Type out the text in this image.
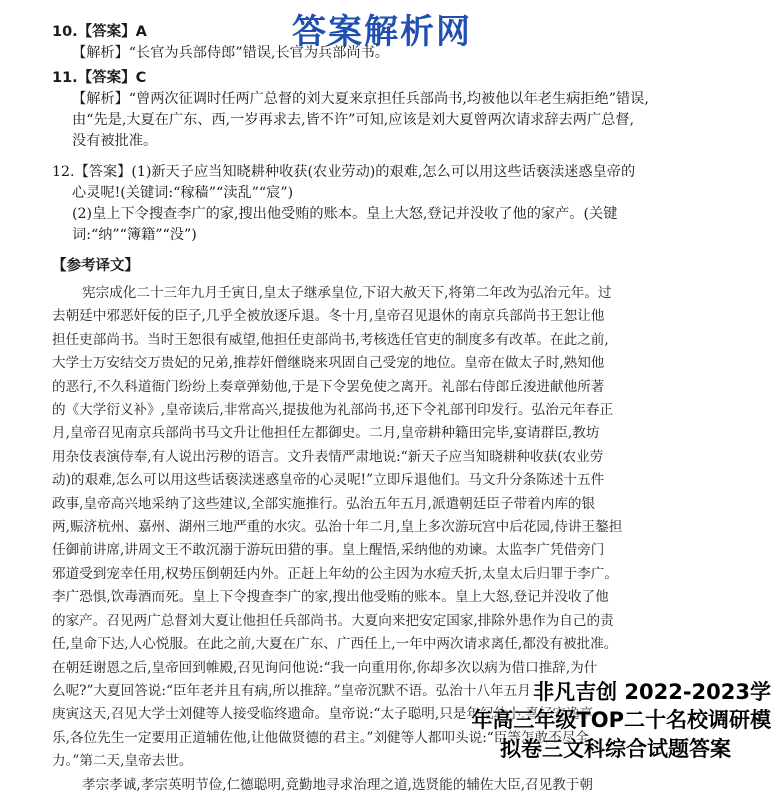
答案解析网
10.【答案】A
【解析】“长官为兵部侍郎”错误,长官为兵部尚书。
11.【答案】C
【解析】“曾两次征调时任两广总督的刘大夏来京担任兵部尚书,均被他以年老生病拒绝”错误,
由“先是,大夏在广东、西,一岁再求去,皆不许”可知,应该是刘大夏曾两次请求辞去两广总督,
没有被批准。
12.【答案】(1)新天子应当知晓耕种收获(农业劳动)的艰难,怎么可以用这些话亵渎迷惑皇帝的
心灵呢!(关键词:“稼穑”“渎乱”“宸”)
(2)皇上下令搜查李广的家,搜出他受贿的账本。皇上大怒,登记并没收了他的家产。(关键
词:“纳”“簿籍”“没”)
【参考译文】
宪宗成化二十三年九月壬寅日,皇太子继承皇位,下诏大赦天下,将第二年改为弘治元年。过
去朝廷中邪恶奸佞的臣子,几乎全被放逐斥退。冬十月,皇帝召见退休的南京兵部尚书王恕让他
担任吏部尚书。当时王恕很有威望,他担任吏部尚书,考核选任官吏的制度多有改革。在此之前,
大学士万安结交万贵妃的兄弟,推荐奸僧继晓来巩固自己受宠的地位。皇帝在做太子时,熟知他
的恶行,不久科道衙门纷纷上奏章弹劾他,于是下令罢免使之离开。礼部右侍郎丘浚进献他所著
的《大学衍义补》,皇帝读后,非常高兴,提拔他为礼部尚书,还下令礼部刊印发行。弘治元年春正
月,皇帝召见南京兵部尚书马文升让他担任左都御史。二月,皇帝耕种籍田完毕,宴请群臣,教坊
用杂伎表演侍奉,有人说出污秽的语言。文升表情严肃地说:“新天子应当知晓耕种收获(农业劳
动)的艰难,怎么可以用这些话亵渎迷惑皇帝的心灵呢!”立即斥退他们。马文升分条陈述十五件
政事,皇帝高兴地采纳了这些建议,全部实施推行。弘治五年五月,派遣朝廷臣子带着内库的银
两,赈济杭州、嘉州、湖州三地严重的水灾。弘治十年二月,皇上多次游玩宫中后花园,侍讲王鏊担
任御前讲席,讲周文王不敢沉溺于游玩田猎的事。皇上醒悟,采纳他的劝谏。太监李广凭借旁门
邪道受到宠幸任用,权势压倒朝廷内外。正赶上年幼的公主因为水痘夭折,太皇太后归罪于李广。
李广恐惧,饮毒酒而死。皇上下令搜查李广的家,搜出他受贿的账本。皇上大怒,登记并没收了他
的家产。召见两广总督刘大夏让他担任兵部尚书。大夏向来把安定国家,排除外患作为自己的责
任,皇命下达,人心悦服。在此之前,大夏在广东、广西任上,一年中两次请求离任,都没有被批准。
在朝廷谢恩之后,皇帝回到帷殿,召见询问他说:“我一向重用你,你却多次以病为借口推辞,为什
么呢?”大夏回答说:“臣年老并且有病,所以推辞。”皇帝沉默不语。弘治十八年五月
庚寅这天,召见大学士刘健等人接受临终遗命。皇帝说:“太子聪明,只是年纪幼小,喜好安逸享
乐,各位先生一定要用正道辅佐他,让他做贤德的君主。”刘健等人都叩头说:“臣等怎敢不尽全
力。”第二天,皇帝去世。
孝宗孝诚,孝宗英明节俭,仁德聪明,竟勤地寻求治理之道,选贤能的辅佐大臣,召见教于朝
非凡吉创 2022-2023学
年高三年级TOP二十名校调研模
拟卷三文科综合试题答案
